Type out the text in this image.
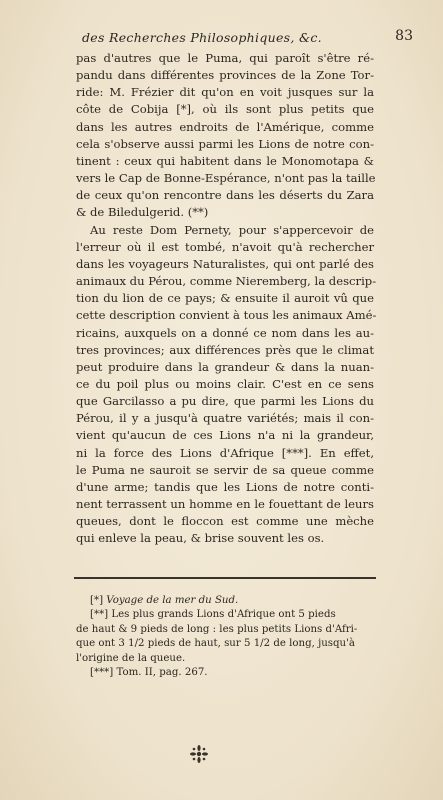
des Recherches Philosophiques, &c.	83

pas d'autres que le Puma, qui paroît s'être ré-
pandu dans différentes provinces de la Zone Tor-
ride: M. Frézier dit qu'on en voit jusques sur la
côte de Cobija [*], où ils sont plus petits que
dans les autres endroits de l'Amérique, comme
cela s'observe aussi parmi les Lions de notre con-
tinent : ceux qui habitent dans le Monomotapa &
vers le Cap de Bonne-Espérance, n'ont pas la taille
de ceux qu'on rencontre dans les déserts du Zara
& de Biledulgerid. (**)

Au reste Dom Pernety, pour s'appercevoir de
l'erreur où il est tombé, n'avoit qu'à rechercher
dans les voyageurs Naturalistes, qui ont parlé des
animaux du Pérou, comme Nieremberg, la descrip-
tion du lion de ce pays; & ensuite il auroit vû que
cette description convient à tous les animaux Amé-
ricains, auxquels on a donné ce nom dans les au-
tres provinces; aux différences près que le climat
peut produire dans la grandeur & dans la nuan-
ce du poil plus ou moins clair. C'est en ce sens
que Garcilasso a pu dire, que parmi les Lions du
Pérou, il y a jusqu'à quatre variétés; mais il con-
vient qu'aucun de ces Lions n'a ni la grandeur,
ni la force des Lions d'Afrique [***]. En effet,
le Puma ne sauroit se servir de sa queue comme
d'une arme; tandis que les Lions de notre conti-
nent terrassent un homme en le fouettant de leurs
queues, dont le floccon est comme une mèche
qui enleve la peau, & brise souvent les os.

[*] Voyage de la mer du Sud.
[**] Les plus grands Lions d'Afrique ont 5 pieds
de haut & 9 pieds de long : les plus petits Lions d'Afri-
que ont 3 1/2 pieds de haut, sur 5 1/2 de long, jusqu'à
l'origine de la queue.
[***] Tom. II, pag. 267.
